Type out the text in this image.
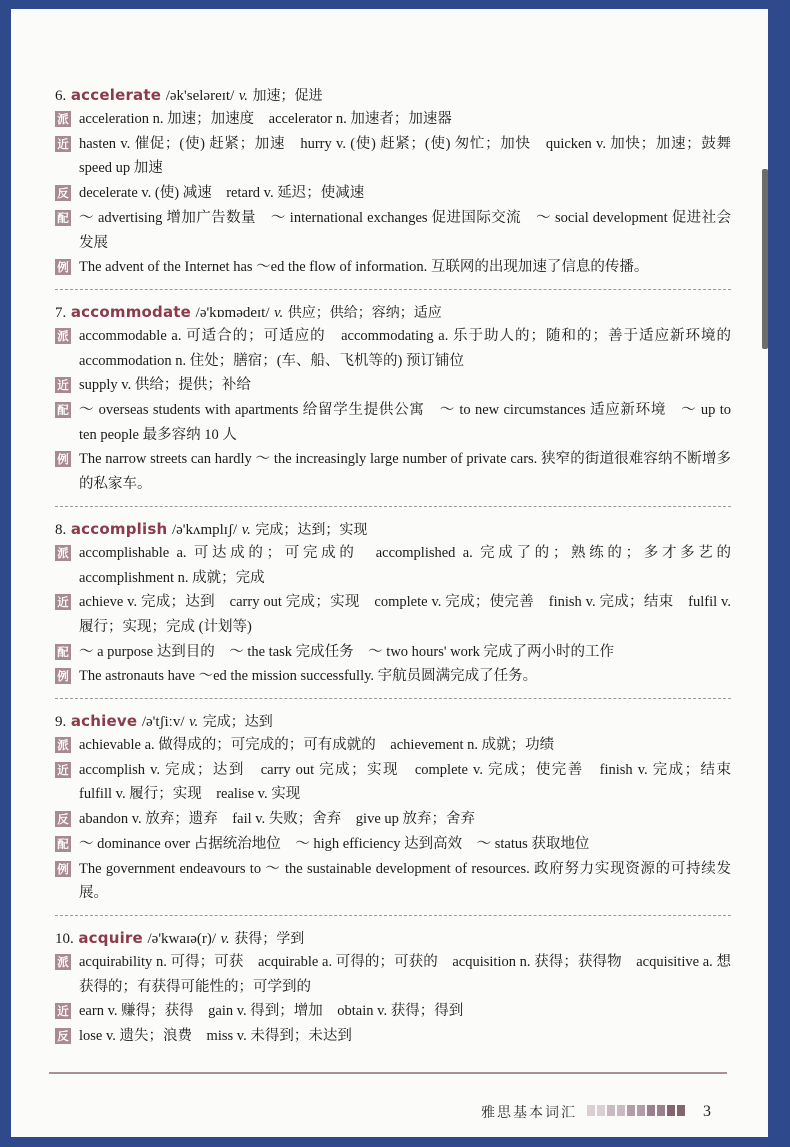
6. accelerate /ək'seləreɪt/ v. 加速；促进
派 acceleration n. 加速；加速度　accelerator n. 加速者；加速器
近 hasten v. 催促；(使) 赶紧；加速　hurry v. (使) 赶紧；(使) 匆忙；加快　quicken v. 加快；加速；鼓舞　speed up 加速
反 decelerate v. (使) 减速　retard v. 延迟；使减速
配 ～ advertising 增加广告数量　～ international exchanges 促进国际交流　～ social development 促进社会发展
例 The advent of the Internet has ～ed the flow of information. 互联网的出现加速了信息的传播。
7. accommodate /ə'kɒmədeɪt/ v. 供应；供给；容纳；适应
派 accommodable a. 可适合的；可适应的　accommodating a. 乐于助人的；随和的；善于适应新环境的　accommodation n. 住处；膳宿；(车、船、飞机等的) 预订铺位
近 supply v. 供给；提供；补给
配 ～ overseas students with apartments 给留学生提供公寓　～ to new circumstances 适应新环境　～ up to ten people 最多容纳 10 人
例 The narrow streets can hardly ～ the increasingly large number of private cars. 狭窄的街道很难容纳不断增多的私家车。
8. accomplish /ə'kʌmplɪʃ/ v. 完成；达到；实现
派 accomplishable a. 可达成的；可完成的　accomplished a. 完成了的；熟练的；多才多艺的　accomplishment n. 成就；完成
近 achieve v. 完成；达到　carry out 完成；实现　complete v. 完成；使完善　finish v. 完成；结束　fulfil v. 履行；实现；完成 (计划等)
配 ～ a purpose 达到目的　～ the task 完成任务　～ two hours' work 完成了两小时的工作
例 The astronauts have ～ed the mission successfully. 宇航员圆满完成了任务。
9. achieve /ə'tʃiːv/ v. 完成；达到
派 achievable a. 做得成的；可完成的；可有成就的　achievement n. 成就；功绩
近 accomplish v. 完成；达到　carry out 完成；实现　complete v. 完成；使完善　finish v. 完成；结束　fulfill v. 履行；实现　realise v. 实现
反 abandon v. 放弃；遗弃　fail v. 失败；舍弃　give up 放弃；舍弃
配 ～ dominance over 占据统治地位　～ high efficiency 达到高效　～ status 获取地位
例 The government endeavours to ～ the sustainable development of resources. 政府努力实现资源的可持续发展。
10. acquire /ə'kwaɪə(r)/ v. 获得；学到
派 acquirability n. 可得；可获　acquirable a. 可得的；可获的　acquisition n. 获得；获得物　acquisitive a. 想获得的；有获得可能性的；可学到的
近 earn v. 赚得；获得　gain v. 得到；增加　obtain v. 获得；得到
反 lose v. 遗失；浪费　miss v. 未得到；未达到
雅思基本词汇	3
